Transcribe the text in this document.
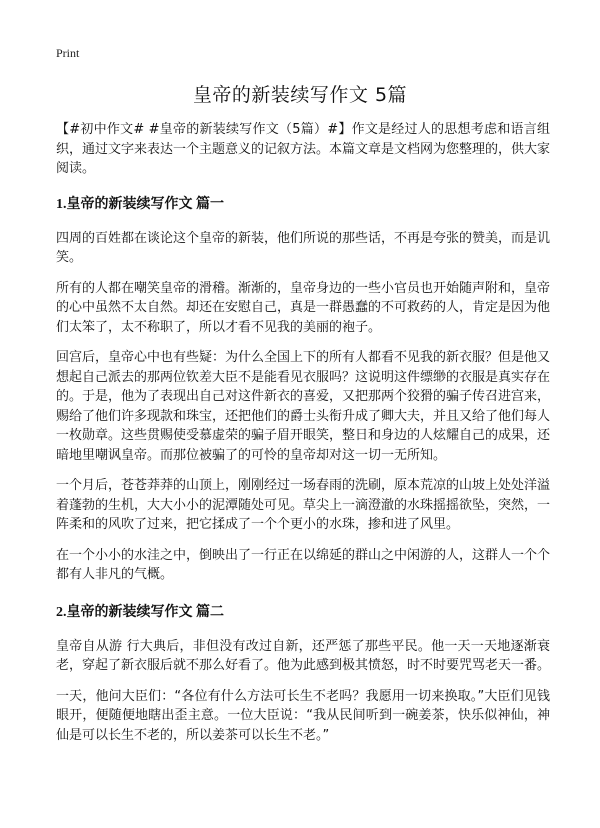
Print
皇帝的新装续写作文 5篇

【#初中作文# #皇帝的新装续写作文（5篇）#】作文是经过人的思想考虑和语言组织，通过文字来表达一个主题意义的记叙方法。本篇文章是文档网为您整理的，供大家阅读。

1.皇帝的新装续写作文 篇一

四周的百姓都在谈论这个皇帝的新装，他们所说的那些话，不再是夸张的赞美，而是讥笑。

所有的人都在嘲笑皇帝的滑稽。渐渐的，皇帝身边的一些小官员也开始随声附和，皇帝的心中虽然不太自然。却还在安慰自己，真是一群愚蠢的不可救药的人，肯定是因为他们太笨了，太不称职了，所以才看不见我的美丽的袍子。

回宫后，皇帝心中也有些疑：为什么全国上下的所有人都看不见我的新衣服？但是他又想起自己派去的那两位钦差大臣不是能看见衣服吗？这说明这件缥缈的衣服是真实存在的。于是，他为了表现出自己对这件新衣的喜爱，又把那两个狡猾的骗子传召进宫来，赐给了他们许多现款和珠宝，还把他们的爵士头衔升成了卿大夫，并且又给了他们每人一枚勋章。这些贯赐使受慕虚荣的骗子眉开眼笑，整日和身边的人炫耀自己的成果，还暗地里嘲讽皇帝。而那位被骗了的可怜的皇帝却对这一切一无所知。

一个月后，苍苍莽莽的山顶上，刚刚经过一场春雨的洗刷，原本荒凉的山坡上处处洋溢着蓬勃的生机，大大小小的泥潭随处可见。草尖上一滴澄澈的水珠摇摇欲坠，突然，一阵柔和的风吹了过来，把它揉成了一个个更小的水珠，掺和进了风里。

在一个小小的水洼之中，倒映出了一行正在以绵延的群山之中闲游的人，这群人一个个都有人非凡的气概。

2.皇帝的新装续写作文 篇二

皇帝自从游 行大典后，非但没有改过自新，还严惩了那些平民。他一天一天地逐渐衰老，穿起了新衣服后就不那么好看了。他为此感到极其愤怒，时不时要咒骂老天一番。

一天，他问大臣们：“各位有什么方法可长生不老吗？我愿用一切来换取。”大臣们见钱眼开，便随便地瞎出歪主意。一位大臣说：“我从民间听到一碗姜茶，快乐似神仙，神仙是可以长生不老的，所以姜茶可以长生不老。”
